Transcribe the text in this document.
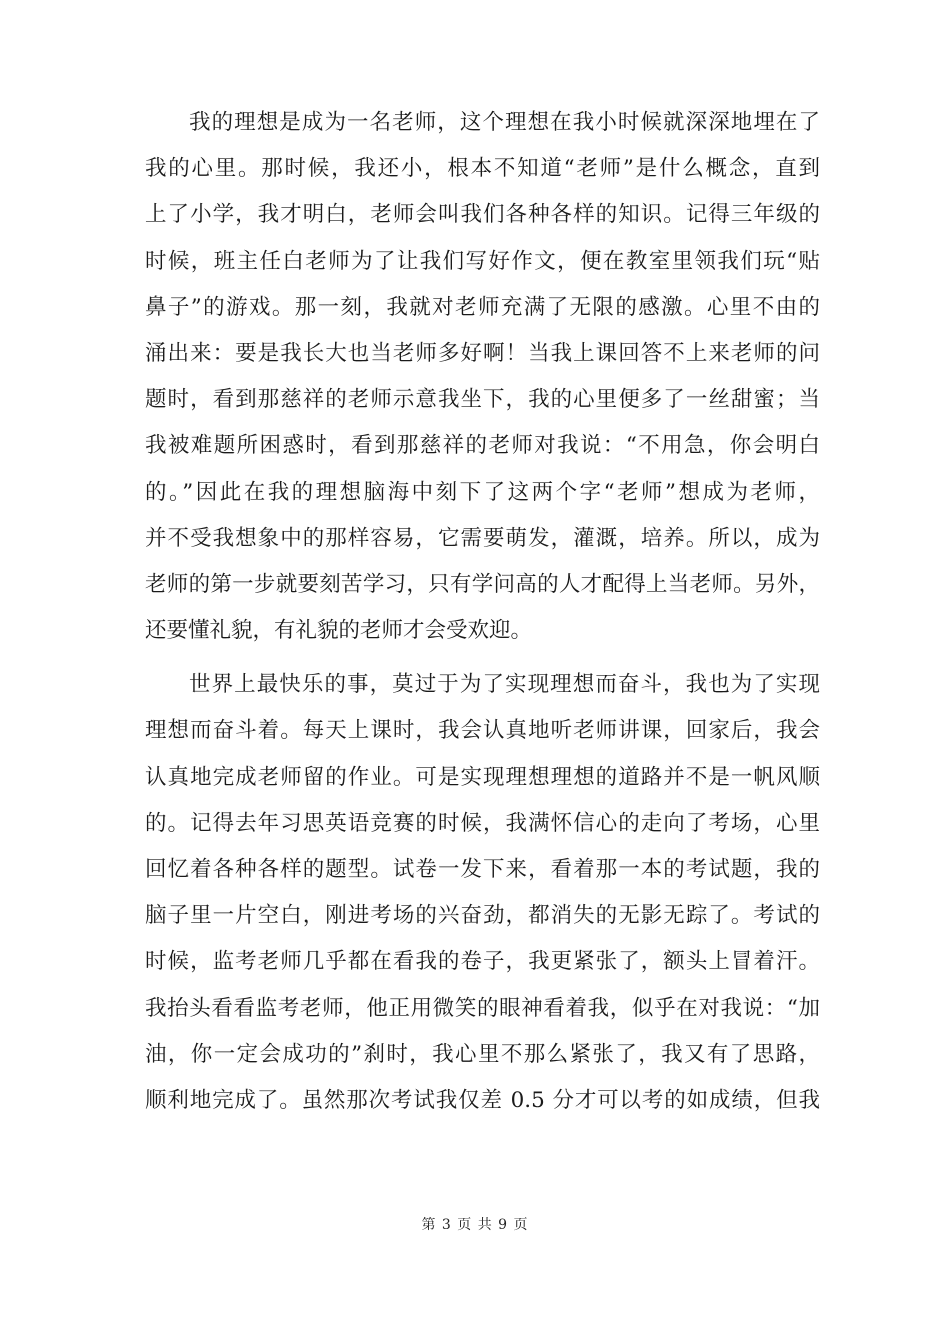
我的理想是成为一名老师，这个理想在我小时候就深深地埋在了
我的心里。那时候，我还小，根本不知道“老师”是什么概念，直到
上了小学，我才明白，老师会叫我们各种各样的知识。记得三年级的
时候，班主任白老师为了让我们写好作文，便在教室里领我们玩“贴
鼻子”的游戏。那一刻，我就对老师充满了无限的感激。心里不由的
涌出来：要是我长大也当老师多好啊！当我上课回答不上来老师的问
题时，看到那慈祥的老师示意我坐下，我的心里便多了一丝甜蜜；当
我被难题所困惑时，看到那慈祥的老师对我说：“不用急，你会明白
的。”因此在我的理想脑海中刻下了这两个字“老师”想成为老师，
并不受我想象中的那样容易，它需要萌发，灌溉，培养。所以，成为
老师的第一步就要刻苦学习，只有学问高的人才配得上当老师。另外，
还要懂礼貌，有礼貌的老师才会受欢迎。
世界上最快乐的事，莫过于为了实现理想而奋斗，我也为了实现
理想而奋斗着。每天上课时，我会认真地听老师讲课，回家后，我会
认真地完成老师留的作业。可是实现理想理想的道路并不是一帆风顺
的。记得去年习思英语竞赛的时候，我满怀信心的走向了考场，心里
回忆着各种各样的题型。试卷一发下来，看着那一本的考试题，我的
脑子里一片空白，刚进考场的兴奋劲，都消失的无影无踪了。考试的
时候，监考老师几乎都在看我的卷子，我更紧张了，额头上冒着汗。
我抬头看看监考老师，他正用微笑的眼神看着我，似乎在对我说：“加
油，你一定会成功的”刹时，我心里不那么紧张了，我又有了思路，
顺利地完成了。虽然那次考试我仅差 0.5 分才可以考的如成绩，但我
第 3 页 共 9 页
